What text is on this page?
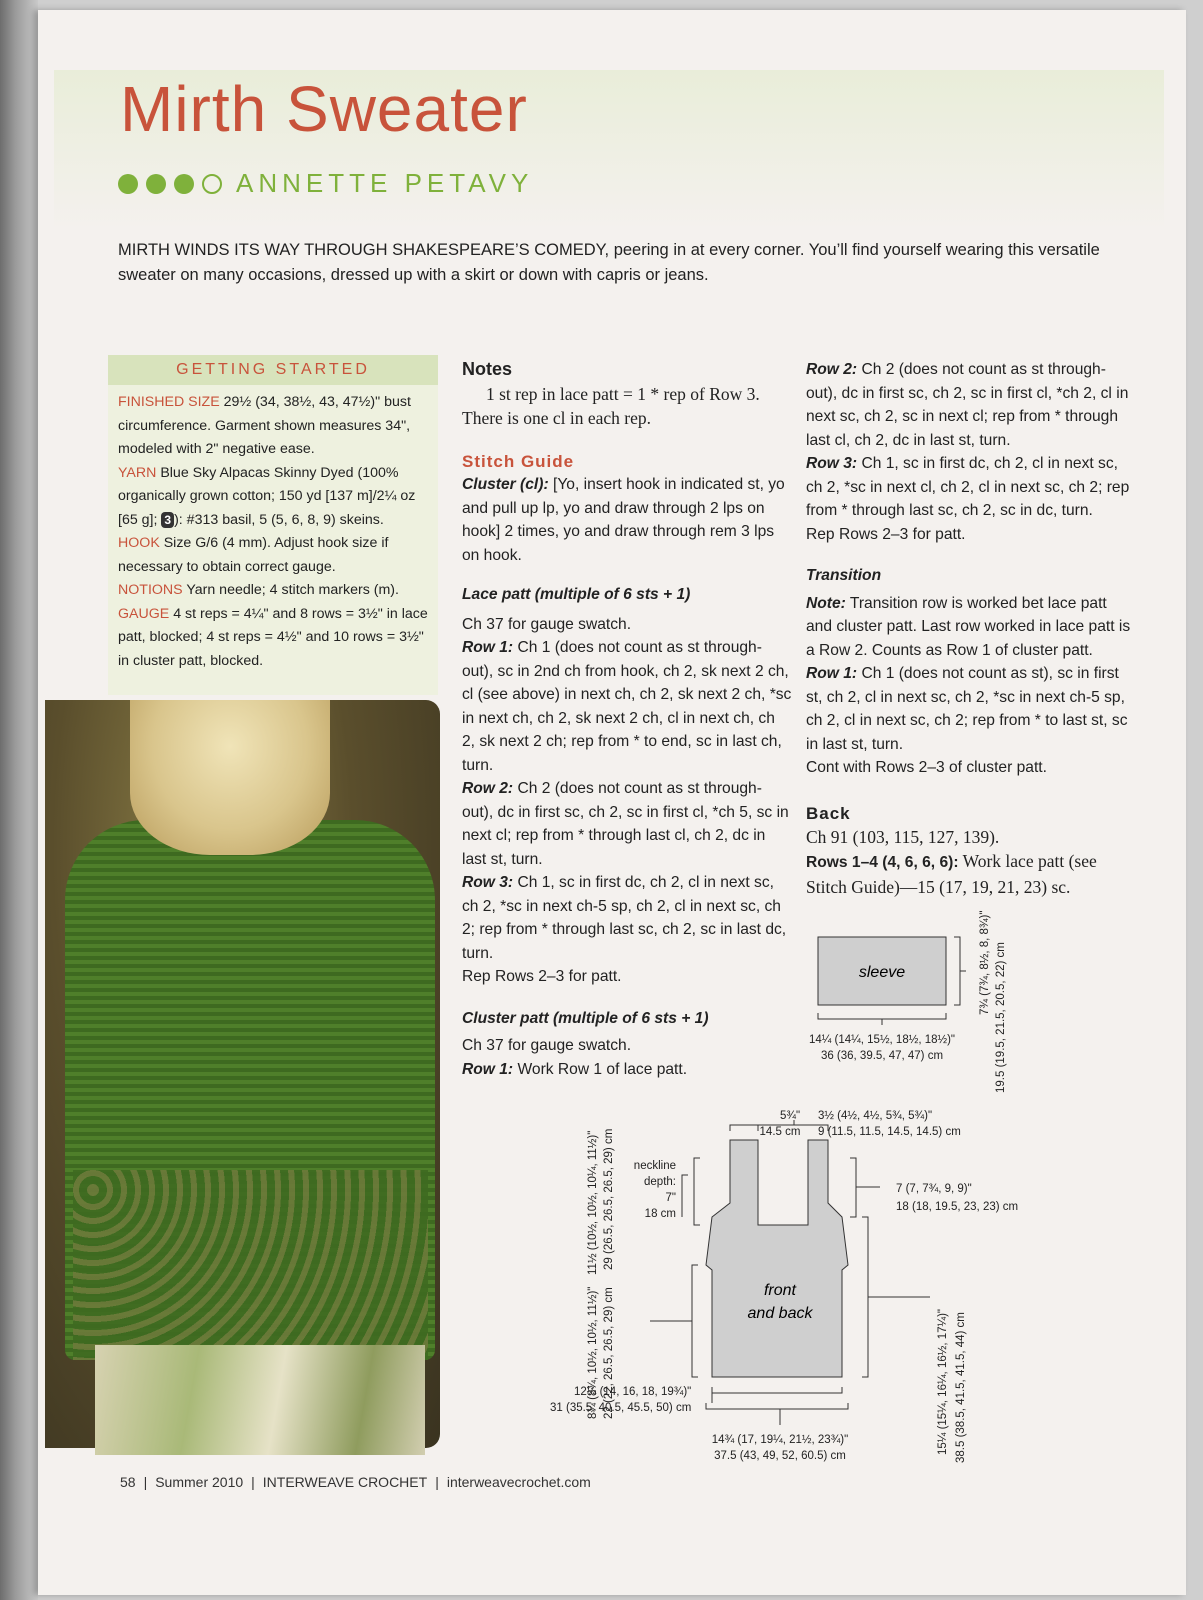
Mirth Sweater
ANNETTE PETAVY

MIRTH WINDS ITS WAY THROUGH SHAKESPEARE’S COMEDY, peering in at every corner. You’ll find yourself wearing this versatile sweater on many occasions, dressed up with a skirt or down with capris or jeans.

GETTING STARTED

FINISHED SIZE 29½ (34, 38½, 43, 47½)" bust circumference. Garment shown measures 34", modeled with 2" negative ease.

YARN Blue Sky Alpacas Skinny Dyed (100% organically grown cotton; 150 yd [137 m]/2¼ oz [65 g]; 3 ): #313 basil, 5 (5, 6, 8, 9) skeins.

HOOK Size G/6 (4 mm). Adjust hook size if necessary to obtain correct gauge.

NOTIONS Yarn needle; 4 stitch markers (m).

GAUGE 4 st reps = 4¼" and 8 rows = 3½" in lace patt, blocked; 4 st reps = 4½" and 10 rows = 3½" in cluster patt, blocked.

Notes

1 st rep in lace patt = 1 * rep of Row 3. There is one cl in each rep.

Stitch Guide

Cluster (cl): [Yo, insert hook in indicated st, yo and pull up lp, yo and draw through 2 lps on hook] 2 times, yo and draw through rem 3 lps on hook.

Lace patt (multiple of 6 sts + 1)

Ch 37 for gauge swatch.

Row 1: Ch 1 (does not count as st through-out), sc in 2nd ch from hook, ch 2, sk next 2 ch, cl (see above) in next ch, ch 2, sk next 2 ch, *sc in next ch, ch 2, sk next 2 ch, cl in next ch, ch 2, sk next 2 ch; rep from * to end, sc in last ch, turn.

Row 2: Ch 2 (does not count as st through-out), dc in first sc, ch 2, sc in first cl, *ch 5, sc in next cl; rep from * through last cl, ch 2, dc in last st, turn.

Row 3: Ch 1, sc in first dc, ch 2, cl in next sc, ch 2, *sc in next ch-5 sp, ch 2, cl in next sc, ch 2; rep from * through last sc, ch 2, sc in last dc, turn.

Rep Rows 2–3 for patt.

Cluster patt (multiple of 6 sts + 1)

Ch 37 for gauge swatch.

Row 1: Work Row 1 of lace patt.

Row 2: Ch 2 (does not count as st through-out), dc in first sc, ch 2, sc in first cl, *ch 2, cl in next sc, ch 2, sc in next cl; rep from * through last cl, ch 2, dc in last st, turn.

Row 3: Ch 1, sc in first dc, ch 2, cl in next sc, ch 2, *sc in next cl, ch 2, cl in next sc, ch 2; rep from * through last sc, ch 2, sc in dc, turn.

Rep Rows 2–3 for patt.

Transition

Note: Transition row is worked bet lace patt and cluster patt. Last row worked in lace patt is a Row 2. Counts as Row 1 of cluster patt.

Row 1: Ch 1 (does not count as st), sc in first st, ch 2, cl in next sc, ch 2, *sc in next ch-5 sp, ch 2, cl in next sc, ch 2; rep from * to last st, sc in last st, turn.

Cont with Rows 2–3 of cluster patt.

Back

Ch 91 (103, 115, 127, 139).

Rows 1–4 (4, 6, 6, 6): Work lace patt (see Stitch Guide)—15 (17, 19, 21, 23) sc.

sleeve
14¼ (14¼, 15½, 18½, 18½)"
36 (36, 39.5, 47, 47) cm
7¾ (7¾, 8½, 8, 8¾)" 19.5 (19.5, 21.5, 20.5, 22) cm
front
and back
5¾"
14.5 cm
3½ (4½, 4½, 5¾, 5¾)"
9 (11.5, 11.5, 14.5, 14.5) cm
neckline
depth:
7"
18 cm
7 (7, 7¾, 9, 9)"
18 (18, 19.5, 23, 23) cm
11½ (10½, 10½, 10¼, 11½)" 29 (26.5, 26.5, 26.5, 29) cm
8¾ (8¾, 10½, 10½, 11½)" 22 (22, 26.5, 26.5, 29) cm	15¼ (15¼, 16¼, 16½, 17¼)" 38.5 (38.5, 41.5, 41.5, 44) cm
12¼ (14, 16, 18, 19¾)"
31 (35.5, 40.5, 45.5, 50) cm
14¾ (17, 19¼, 21½, 23¾)"
37.5 (43, 49, 52, 60.5) cm
58 | Summer 2010 | INTERWEAVE CROCHET | interweavecrochet.com
